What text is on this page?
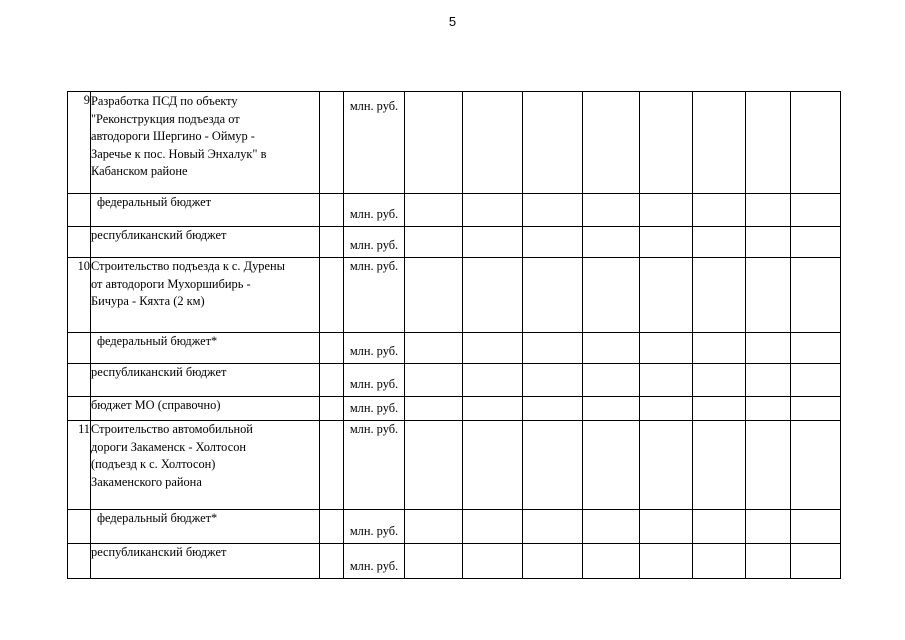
5
9	Разработка ПСД по объекту
"Реконструкция подъезда от
автодороги Шергино - Оймур -
Заречье к пос. Новый Энхалук" в
Кабанском районе		млн. руб.								

	федеральный бюджет		млн. руб.								

	республиканский бюджет		млн. руб.								
10	Строительство подъезда к с. Дурены
от автодороги Мухоршибирь -
Бичура - Кяхта (2 км)		млн. руб.								

	федеральный бюджет*		млн. руб.								

	республиканский бюджет		млн. руб.								

	бюджет МО (справочно)		млн. руб.								
11	Строительство автомобильной
дороги Закаменск - Холтосон
(подъезд к с. Холтосон)
Закаменского района		млн. руб.								

	федеральный бюджет*		млн. руб.								

	республиканский бюджет		млн. руб.								
